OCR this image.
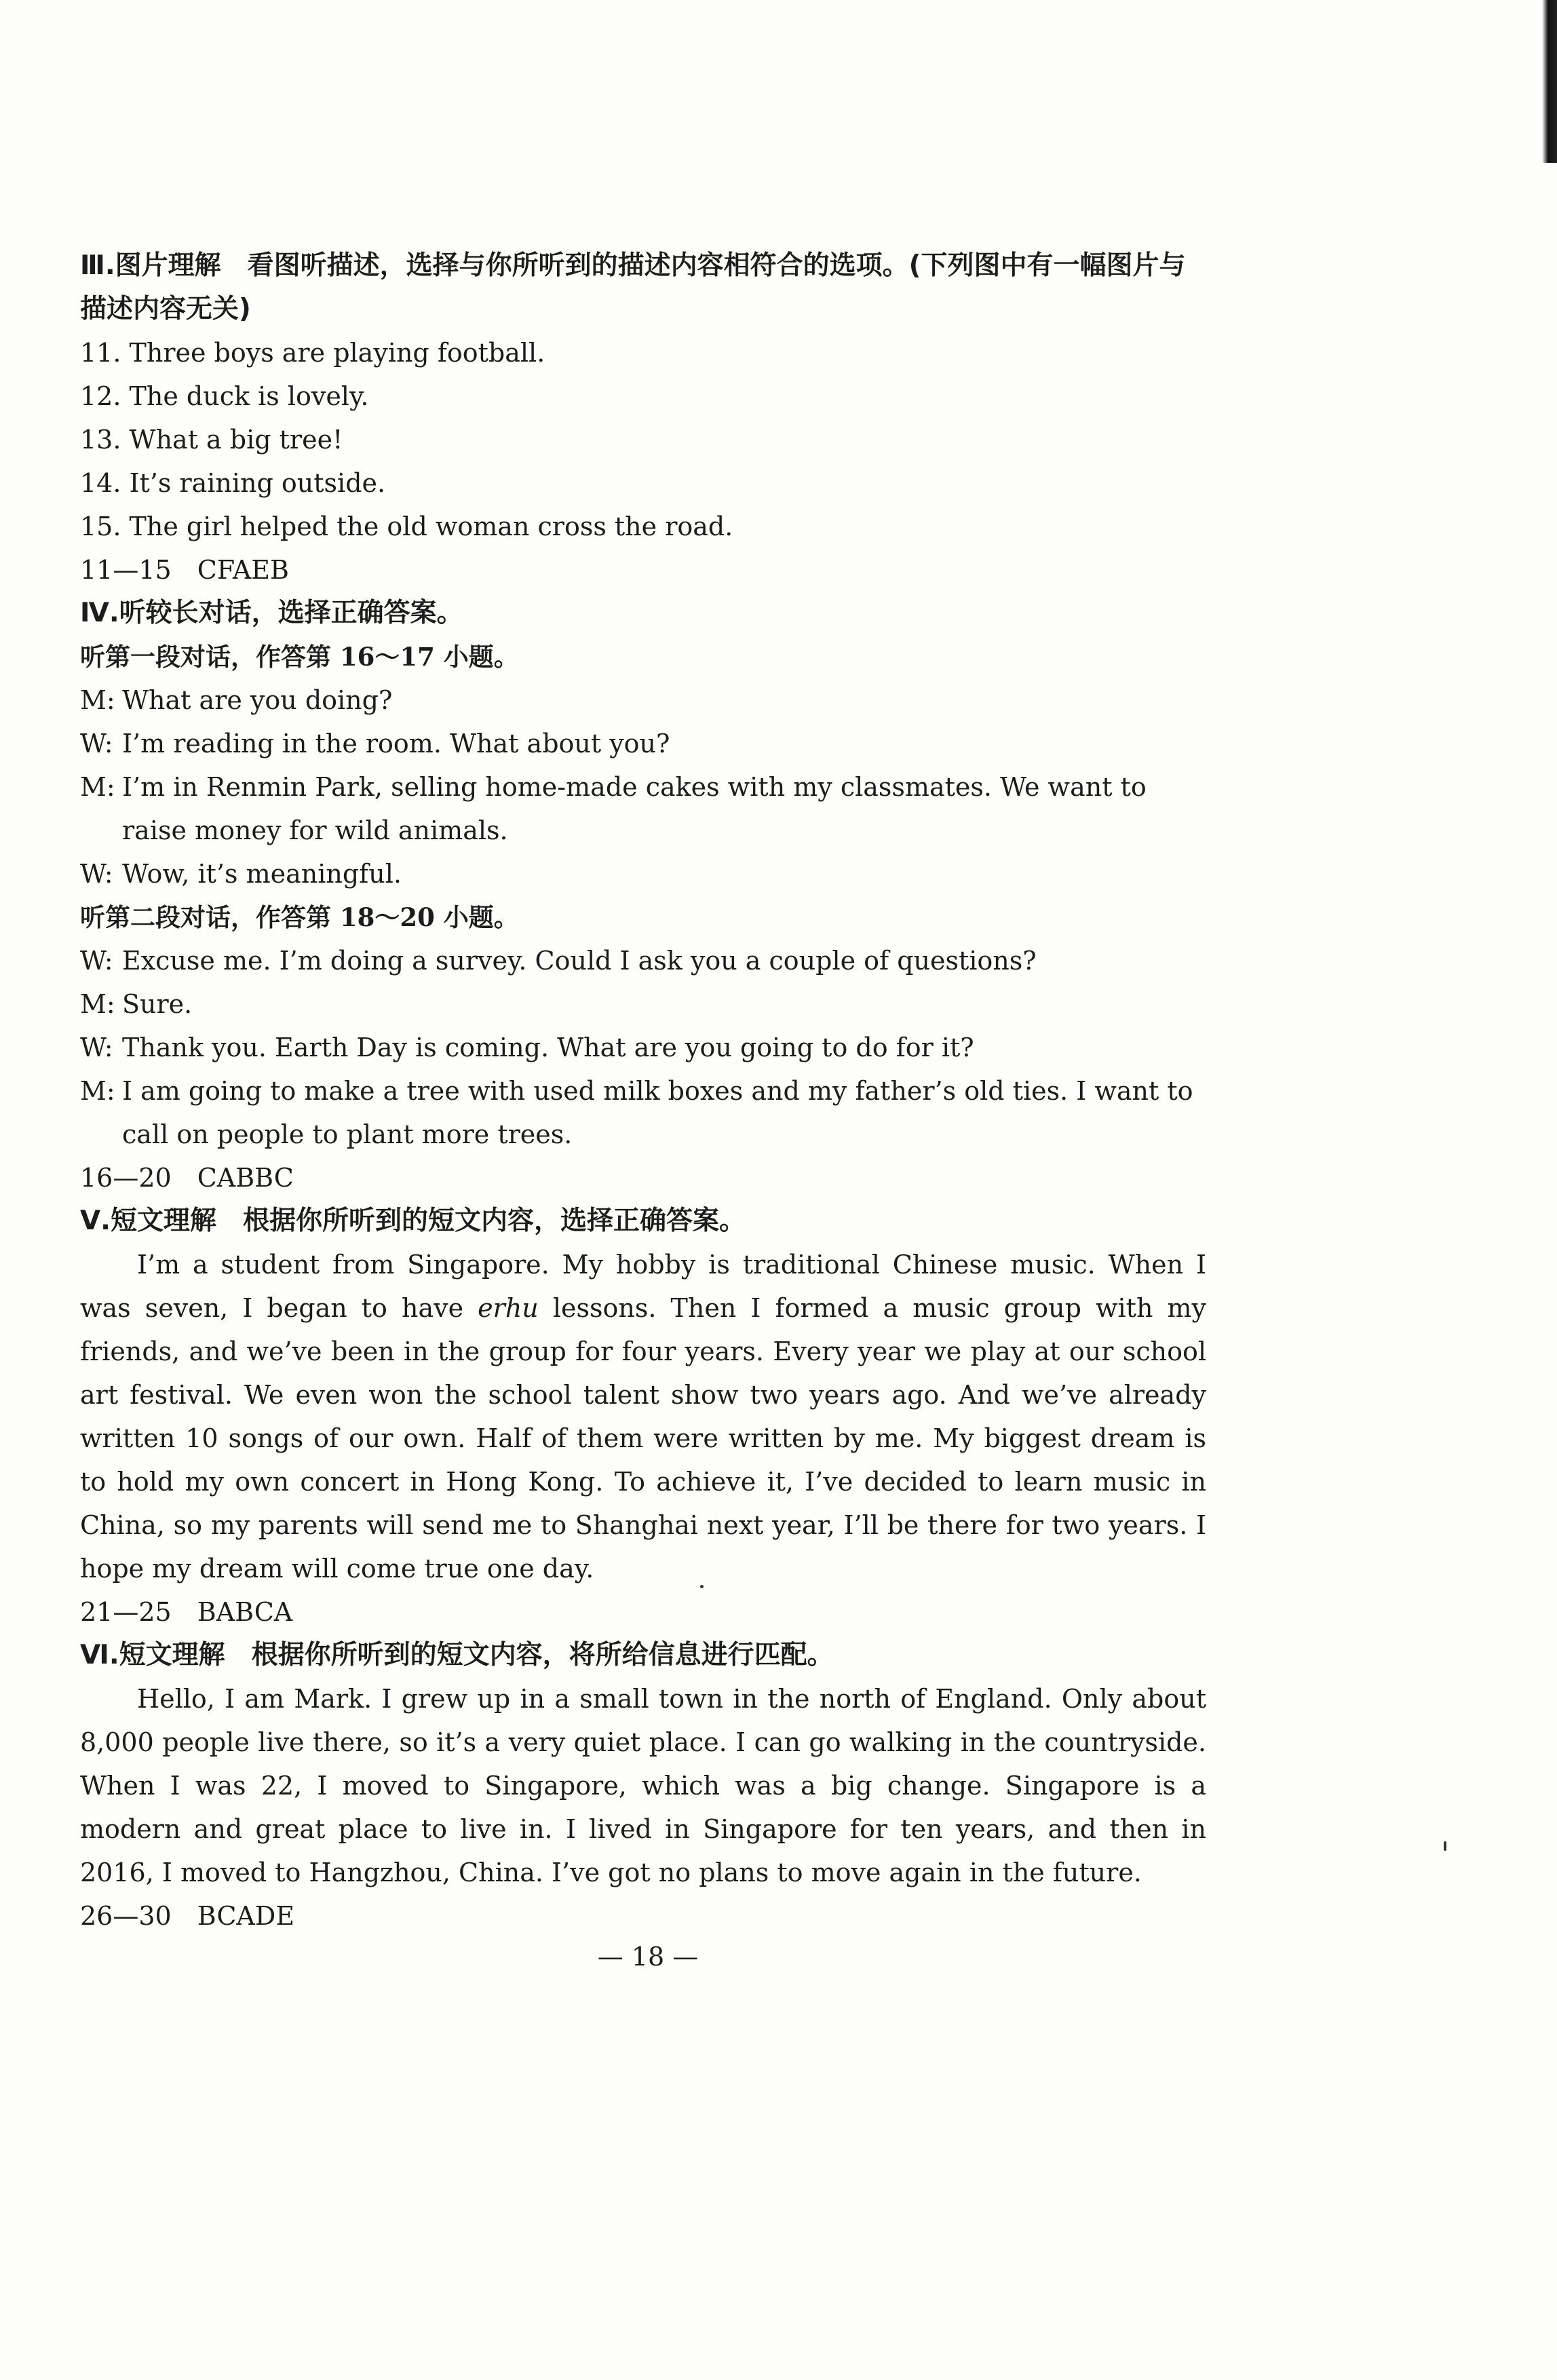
Ⅲ.图片理解　看图听描述，选择与你所听到的描述内容相符合的选项。(下列图中有一幅图片与描述内容无关)
11. Three boys are playing football.
12. The duck is lovely.
13. What a big tree!
14. It’s raining outside.
15. The girl helped the old woman cross the road.
11—15　CFAEB
Ⅳ.听较长对话，选择正确答案。
听第一段对话，作答第 16～17 小题。
M: What are you doing?
W: I’m reading in the room. What about you?
M: I’m in Renmin Park, selling home-made cakes with my classmates. We want to raise money for wild animals.
W: Wow, it’s meaningful.
听第二段对话，作答第 18～20 小题。
W: Excuse me. I’m doing a survey. Could I ask you a couple of questions?
M: Sure.
W: Thank you. Earth Day is coming. What are you going to do for it?
M: I am going to make a tree with used milk boxes and my father’s old ties. I want to call on people to plant more trees.
16—20　CABBC
Ⅴ.短文理解　根据你所听到的短文内容，选择正确答案。
I’m a student from Singapore. My hobby is traditional Chinese music. When I was seven, I began to have erhu lessons. Then I formed a music group with my friends, and we’ve been in the group for four years. Every year we play at our school art festival. We even won the school talent show two years ago. And we’ve already written 10 songs of our own. Half of them were written by me. My biggest dream is to hold my own concert in Hong Kong. To achieve it, I’ve decided to learn music in China, so my parents will send me to Shanghai next year, I’ll be there for two years. I hope my dream will come true one day.
21—25　BABCA
Ⅵ.短文理解　根据你所听到的短文内容，将所给信息进行匹配。
Hello, I am Mark. I grew up in a small town in the north of England. Only about 8,000 people live there, so it’s a very quiet place. I can go walking in the countryside. When I was 22, I moved to Singapore, which was a big change. Singapore is a modern and great place to live in. I lived in Singapore for ten years, and then in 2016, I moved to Hangzhou, China. I’ve got no plans to move again in the future.
26—30　BCADE
— 18 —
